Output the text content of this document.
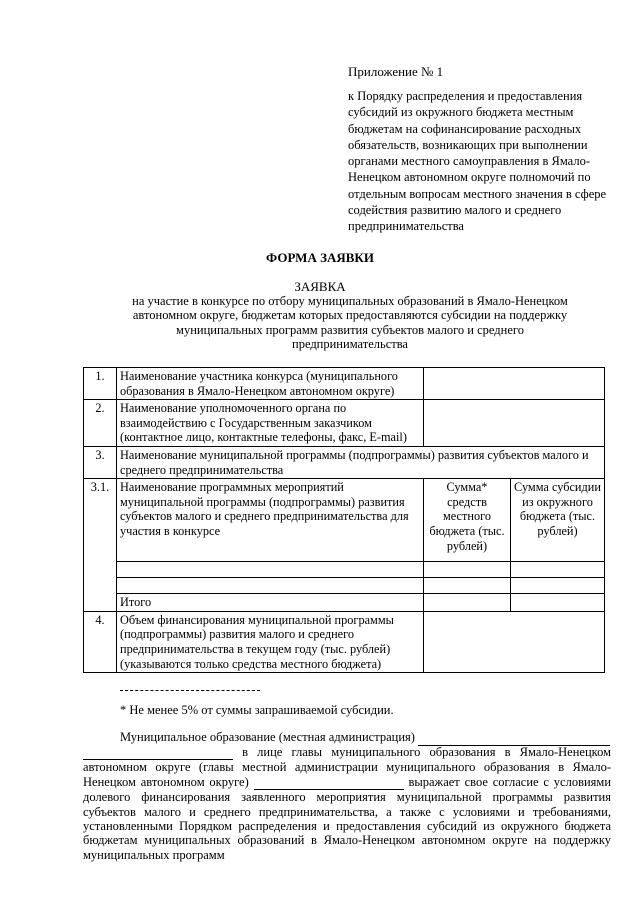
Приложение № 1
к Порядку распределения и предоставления субсидий из окружного бюджета местным бюджетам на софинансирование расходных обязательств, возникающих при выполнении органами местного самоуправления в Ямало-Ненецком автономном округе полномочий по отдельным вопросам местного значения в сфере содействия развитию малого и среднего предпринимательства
ФОРМА ЗАЯВКИ
ЗАЯВКА
на участие в конкурсе по отбору муниципальных образований в Ямало-Ненецком автономном округе, бюджетам которых предоставляются субсидии на поддержку муниципальных программ развития субъектов малого и среднего предпринимательства
1.	Наименование участника конкурса (муниципального образования в Ямало-Ненецком автономном округе)		
2.	Наименование уполномоченного органа по взаимодействию с Государственным заказчиком (контактное лицо, контактные телефоны, факс, E-mail)		
3.	Наименование муниципальной программы (подпрограммы) развития субъектов малого и среднего предпринимательства		
3.1.	Наименование программных мероприятий муниципальной программы (подпрограммы) развития субъектов малого и среднего предпринимательства для участия в конкурсе	Сумма* средств местного бюджета (тыс. рублей)	Сумма субсидии из окружного бюджета (тыс. рублей)

	Итого		
4.	Объем финансирования муниципальной программы (подпрограммы) развития малого и среднего предпринимательства в текущем году (тыс. рублей) (указываются только средства местного бюджета)		
* Не менее 5% от суммы запрашиваемой субсидии.
Муниципальное образование (местная администрация)
в лице главы муниципального образования в Ямало-Ненецком автономном округе (главы местной администрации муниципального образования в Ямало-Ненецком автономном округе)	выражает свое согласие с условиями долевого финансирования заявленного мероприятия муниципальной программы развития субъектов малого и среднего предпринимательства, а также с условиями и требованиями, установленными Порядком распределения и предоставления субсидий из окружного бюджета бюджетам муниципальных образований в Ямало-Ненецком автономном округе на поддержку муниципальных программ
